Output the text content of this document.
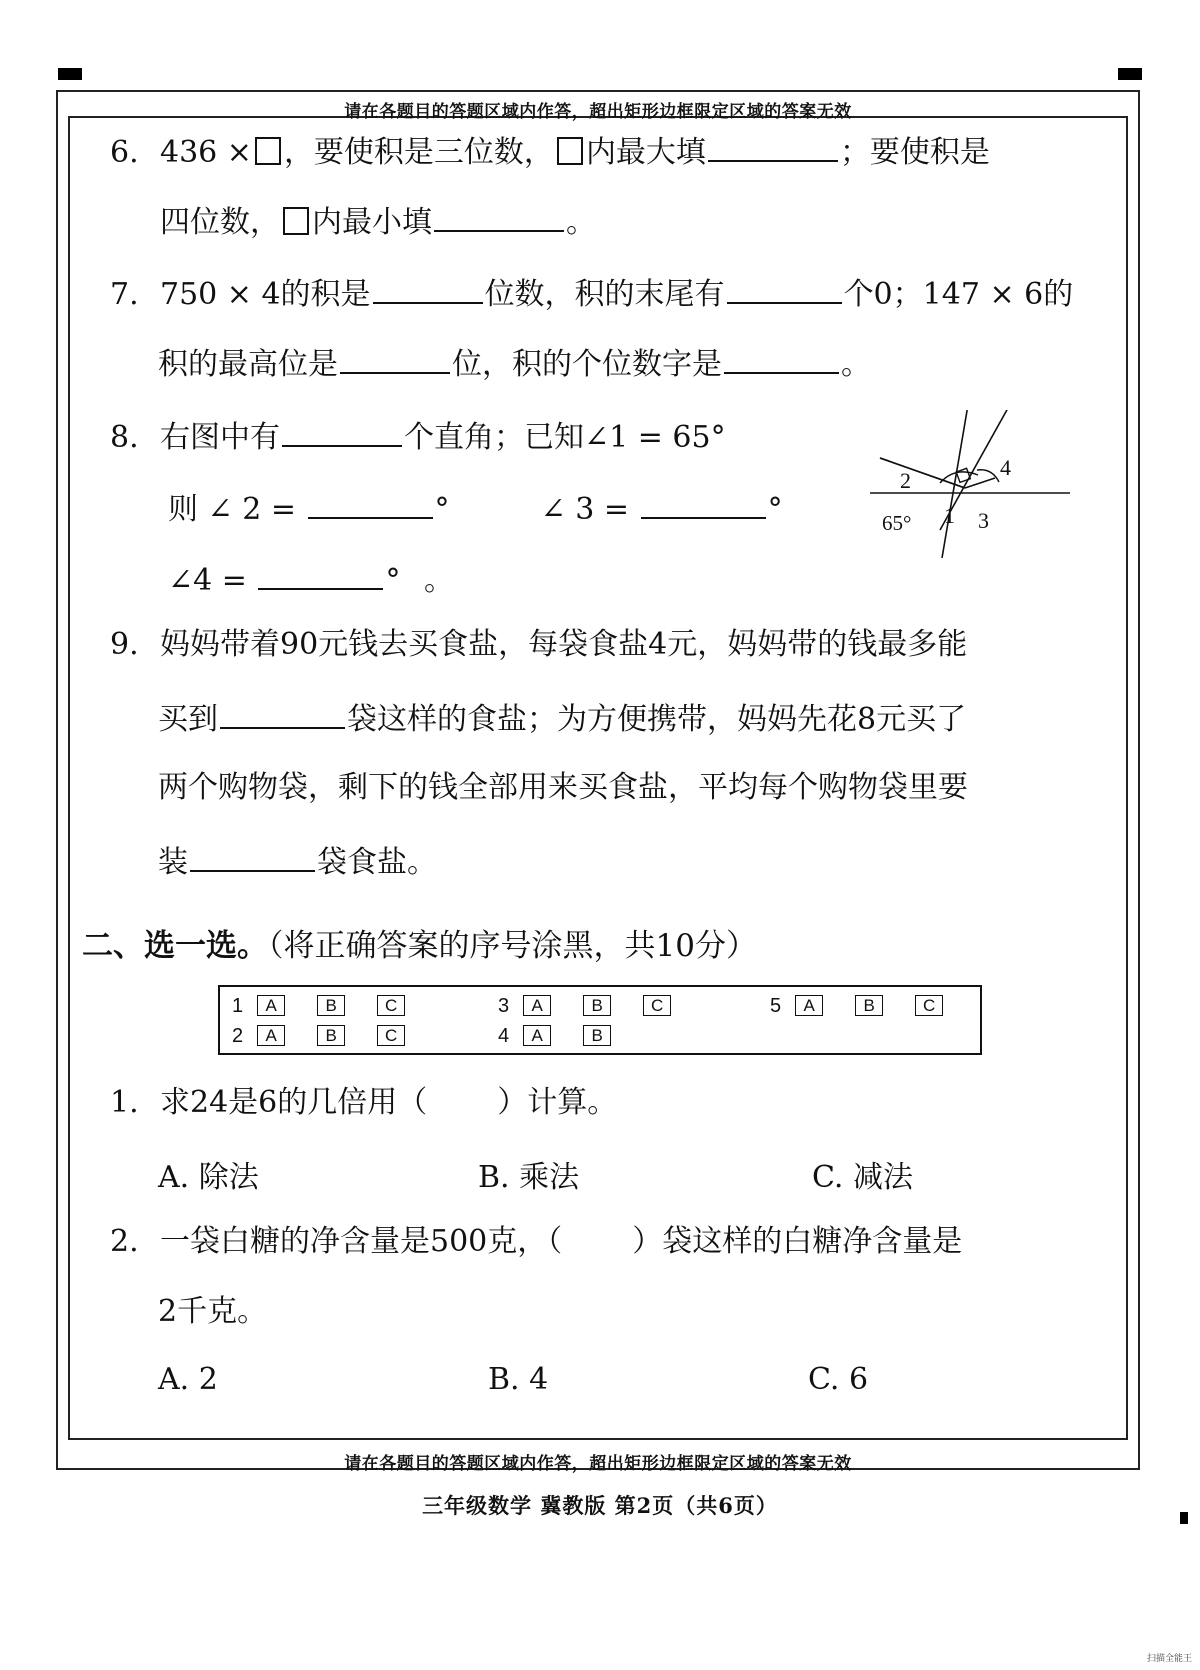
请在各题目的答题区域内作答，超出矩形边框限定区域的答案无效
6. 436 × ，要使积是三位数， 内最大填	；要使积是
四位数， 内最小填	。
7. 750 × 4的积是	位数，积的末尾有	个0；147 × 6的
积的最高位是	位，积的个位数字是	。
8. 右图中有	个直角；已知∠1 = 65°
则 ∠ 2 =	°	∠ 3 =	°
∠4 =	° 。
2
4
1 3
65°
9. 妈妈带着90元钱去买食盐，每袋食盐4元，妈妈带的钱最多能
买到	袋这样的食盐；为方便携带，妈妈先花8元买了
两个购物袋，剩下的钱全部用来买食盐，平均每个购物袋里要
装	袋食盐。
二、选一选。（将正确答案的序号涂黑，共10分）
1 A	B	C
2 A	B	C
3 A	B	C
4 A	B
5 A	B	C
1. 求24是6的几倍用（ ）计算。
A. 除法	B. 乘法	C. 减法
2. 一袋白糖的净含量是500克，（ ）袋这样的白糖净含量是
2千克。
A. 2	B. 4	C. 6
请在各题目的答题区域内作答，超出矩形边框限定区域的答案无效
三年级数学 冀教版 第2页（共6页）
扫描全能王
